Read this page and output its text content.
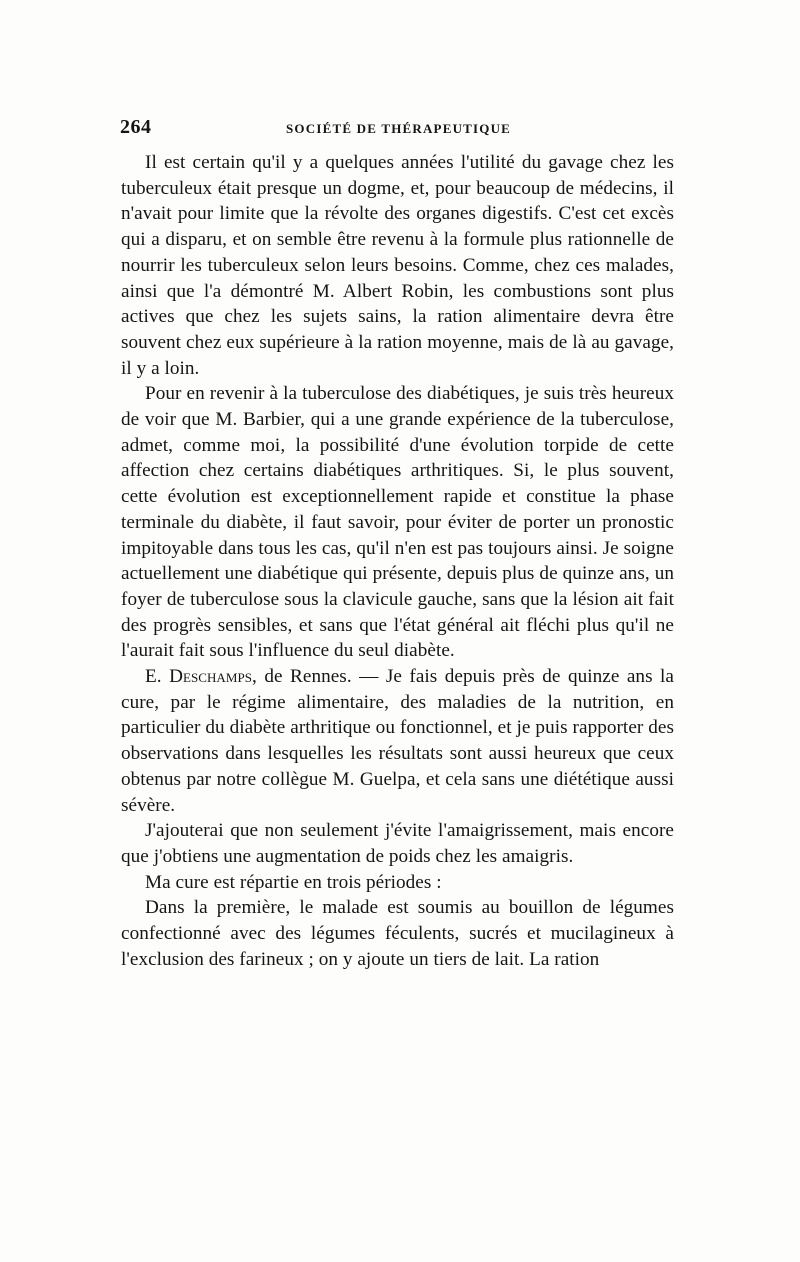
264	SOCIÉTÉ DE THÉRAPEUTIQUE

Il est certain qu'il y a quelques années l'utilité du gavage chez les tuberculeux était presque un dogme, et, pour beaucoup de médecins, il n'avait pour limite que la révolte des organes digestifs. C'est cet excès qui a disparu, et on semble être revenu à la formule plus rationnelle de nourrir les tuberculeux selon leurs besoins. Comme, chez ces malades, ainsi que l'a démontré M. Albert Robin, les combustions sont plus actives que chez les sujets sains, la ration alimentaire devra être souvent chez eux supérieure à la ration moyenne, mais de là au gavage, il y a loin.

Pour en revenir à la tuberculose des diabétiques, je suis très heureux de voir que M. Barbier, qui a une grande expérience de la tuberculose, admet, comme moi, la possibilité d'une évolution torpide de cette affection chez certains diabétiques arthritiques. Si, le plus souvent, cette évolution est exceptionnellement rapide et constitue la phase terminale du diabète, il faut savoir, pour éviter de porter un pronostic impitoyable dans tous les cas, qu'il n'en est pas toujours ainsi. Je soigne actuellement une diabétique qui présente, depuis plus de quinze ans, un foyer de tuberculose sous la clavicule gauche, sans que la lésion ait fait des progrès sensibles, et sans que l'état général ait fléchi plus qu'il ne l'aurait fait sous l'influence du seul diabète.

E. Deschamps, de Rennes. — Je fais depuis près de quinze ans la cure, par le régime alimentaire, des maladies de la nutrition, en particulier du diabète arthritique ou fonctionnel, et je puis rapporter des observations dans lesquelles les résultats sont aussi heureux que ceux obtenus par notre collègue M. Guelpa, et cela sans une diététique aussi sévère.

J'ajouterai que non seulement j'évite l'amaigrissement, mais encore que j'obtiens une augmentation de poids chez les amaigris.

Ma cure est répartie en trois périodes :

Dans la première, le malade est soumis au bouillon de légumes confectionné avec des légumes féculents, sucrés et mucilagineux à l'exclusion des farineux ; on y ajoute un tiers de lait. La ration
